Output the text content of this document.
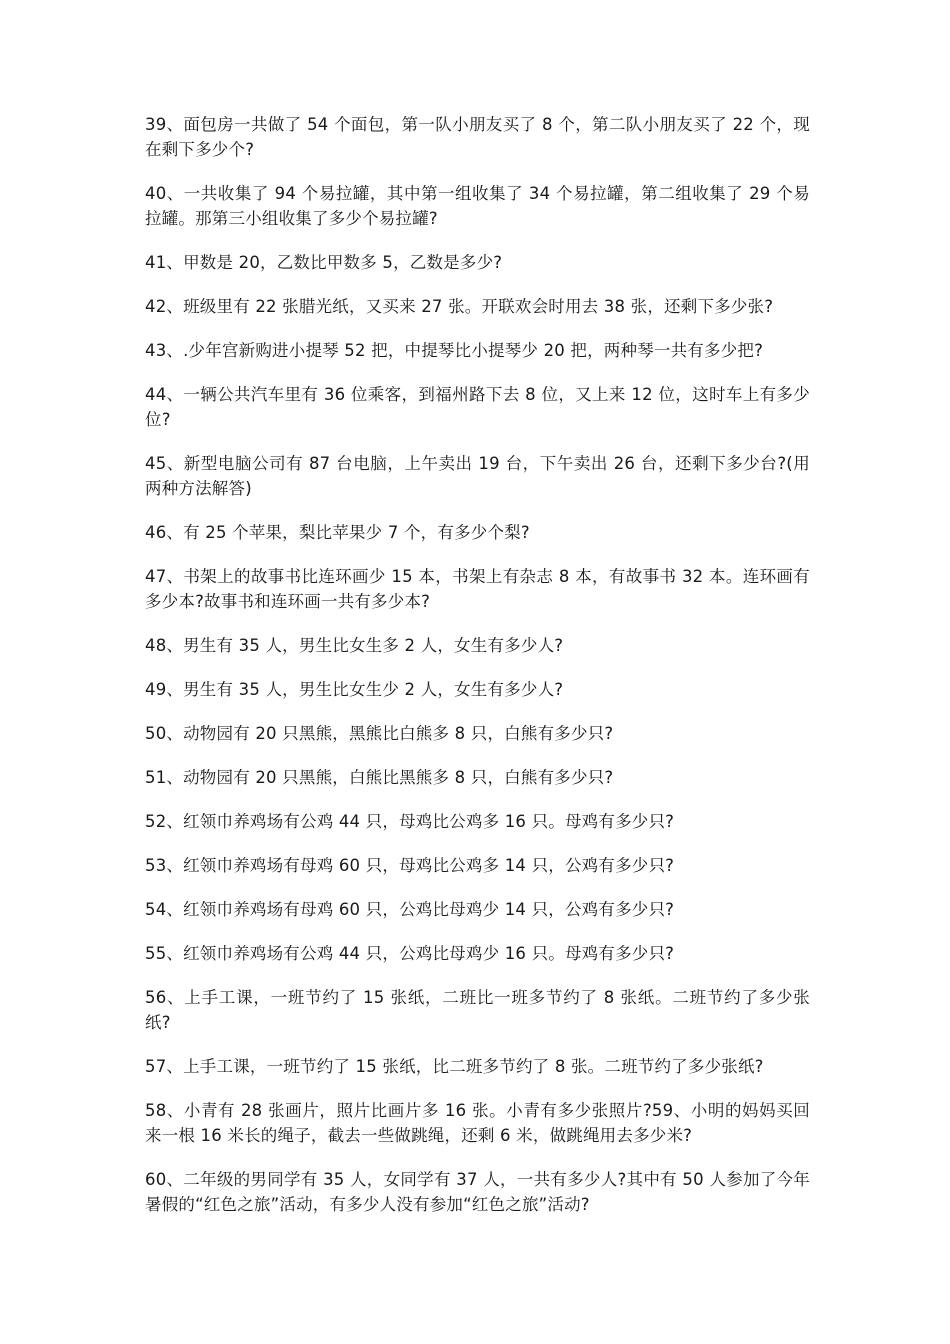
39、面包房一共做了 54 个面包，第一队小朋友买了 8 个，第二队小朋友买了 22 个，现在剩下多少个?

40、一共收集了 94 个易拉罐，其中第一组收集了 34 个易拉罐，第二组收集了 29 个易拉罐。那第三小组收集了多少个易拉罐?

41、甲数是 20，乙数比甲数多 5，乙数是多少?

42、班级里有 22 张腊光纸，又买来 27 张。开联欢会时用去 38 张，还剩下多少张?

43、.少年宫新购进小提琴 52 把，中提琴比小提琴少 20 把，两种琴一共有多少把?

44、一辆公共汽车里有 36 位乘客，到福州路下去 8 位，又上来 12 位，这时车上有多少位?

45、新型电脑公司有 87 台电脑，上午卖出 19 台，下午卖出 26 台，还剩下多少台?(用两种方法解答)

46、有 25 个苹果，梨比苹果少 7 个，有多少个梨?

47、书架上的故事书比连环画少 15 本，书架上有杂志 8 本，有故事书 32 本。连环画有多少本?故事书和连环画一共有多少本?

48、男生有 35 人，男生比女生多 2 人，女生有多少人?

49、男生有 35 人，男生比女生少 2 人，女生有多少人?

50、动物园有 20 只黑熊，黑熊比白熊多 8 只，白熊有多少只?

51、动物园有 20 只黑熊，白熊比黑熊多 8 只，白熊有多少只?

52、红领巾养鸡场有公鸡 44 只，母鸡比公鸡多 16 只。母鸡有多少只?

53、红领巾养鸡场有母鸡 60 只，母鸡比公鸡多 14 只，公鸡有多少只?

54、红领巾养鸡场有母鸡 60 只，公鸡比母鸡少 14 只，公鸡有多少只?

55、红领巾养鸡场有公鸡 44 只，公鸡比母鸡少 16 只。母鸡有多少只?

56、上手工课，一班节约了 15 张纸，二班比一班多节约了 8 张纸。二班节约了多少张纸?

57、上手工课，一班节约了 15 张纸，比二班多节约了 8 张。二班节约了多少张纸?

58、小青有 28 张画片，照片比画片多 16 张。小青有多少张照片?59、小明的妈妈买回来一根 16 米长的绳子，截去一些做跳绳，还剩 6 米，做跳绳用去多少米?

60、二年级的男同学有 35 人，女同学有 37 人，一共有多少人?其中有 50 人参加了今年暑假的“红色之旅”活动，有多少人没有参加“红色之旅”活动?
